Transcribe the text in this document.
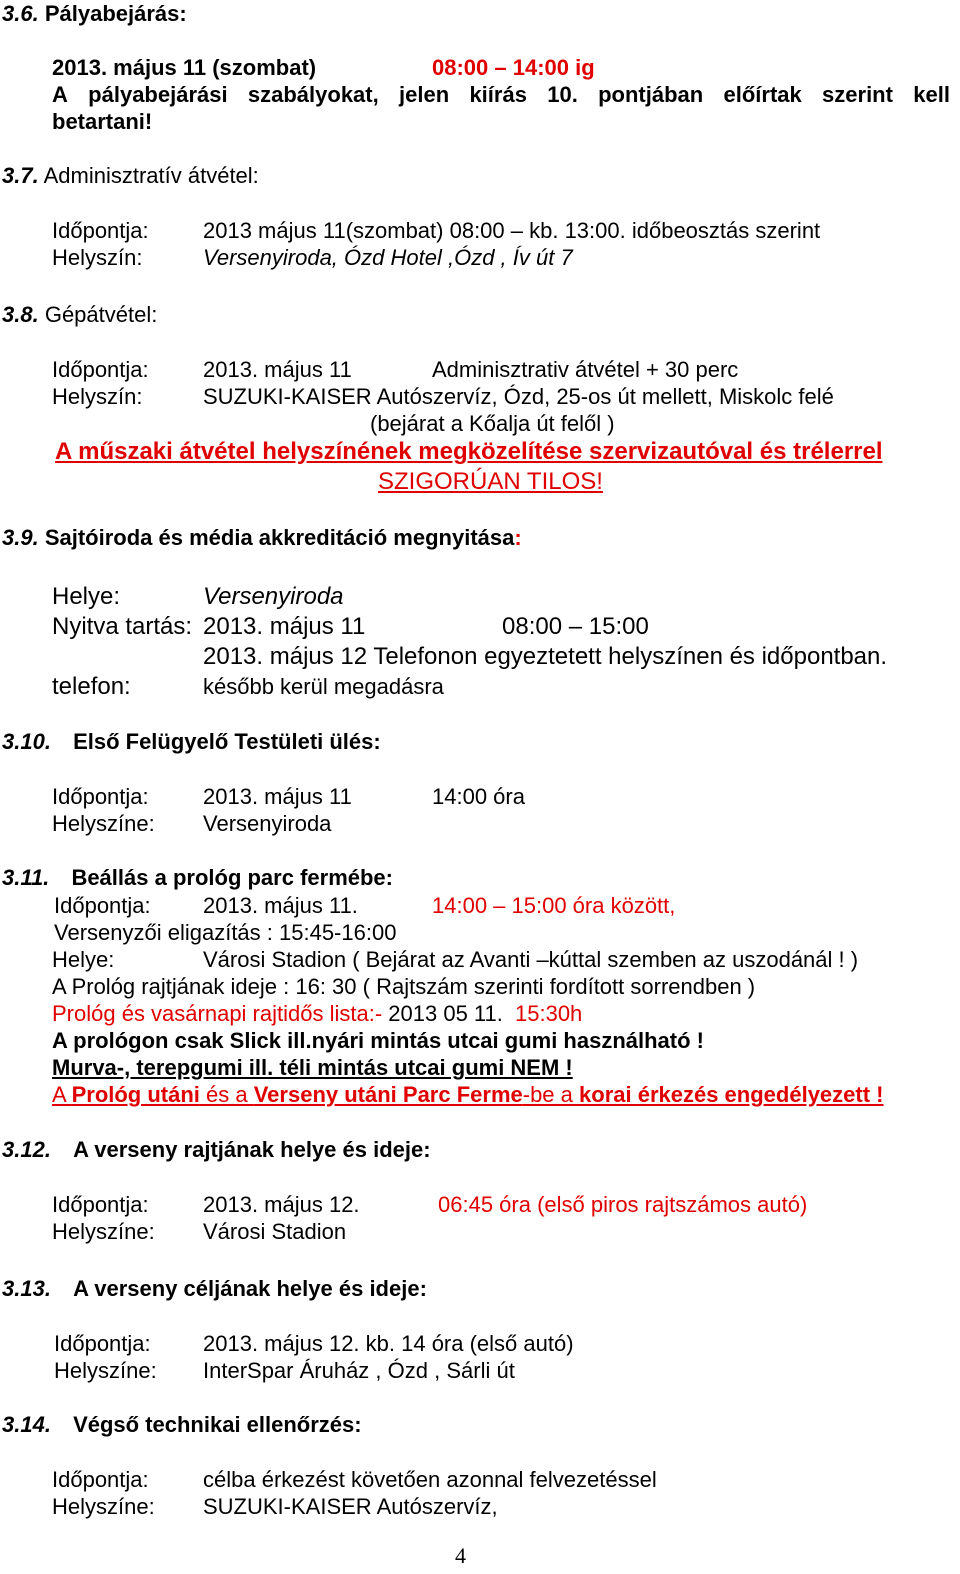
3.6. Pályabejárás:
2013. május 11 (szombat)	08:00 – 14:00 ig
A pályabejárási szabályokat, jelen kiírás 10. pontjában előírtak szerint kell
betartani!
3.7. Adminisztratív átvétel:
Időpontja: 2013 május 11(szombat) 08:00 – kb. 13:00. időbeosztás szerint
Helyszín:	Versenyiroda, Ózd Hotel ,Ózd , Ív út 7
3.8. Gépátvétel:
Időpontja: 2013. május 11	Adminisztrativ átvétel + 30 perc
Helyszín:	SUZUKI-KAISER Autószervíz, Ózd, 25-os út mellett, Miskolc felé
(bejárat a Kőalja út felől )
A műszaki átvétel helyszínének megközelítése szervizautóval és trélerrel
SZIGORÚAN TILOS!
3.9. Sajtóiroda és média akkreditáció megnyitása:
Helye:	Versenyiroda
Nyitva tartás: 2013. május 11	08:00 – 15:00
2013. május 12 Telefonon egyeztetett helyszínen és időpontban.
telefon:	később kerül megadásra
3.10. Első Felügyelő Testületi ülés:
Időpontja: 2013. május 11	14:00 óra
Helyszíne: Versenyiroda
3.11. Beállás a prológ parc fermébe:
Időpontja: 2013. május 11.	14:00 – 15:00 óra között,
Versenyzői eligazítás : 15:45-16:00
Helye:	Városi Stadion ( Bejárat az Avanti –kúttal szemben az uszodánál ! )
A Prológ rajtjának ideje : 16: 30 ( Rajtszám szerinti fordított sorrendben )
Prológ és vasárnapi rajtidős lista:- 2013 05 11. 15:30h
A prológon csak Slick ill.nyári mintás utcai gumi használható !
Murva-, terepgumi ill. téli mintás utcai gumi NEM !
A Prológ utáni és a Verseny utáni Parc Ferme-be a korai érkezés engedélyezett !
3.12. A verseny rajtjának helye és ideje:
Időpontja: 2013. május 12.	06:45 óra (első piros rajtszámos autó)
Helyszíne: Városi Stadion
3.13. A verseny céljának helye és ideje:
Időpontja: 2013. május 12. kb. 14 óra (első autó)
Helyszíne: InterSpar Áruház , Ózd , Sárli út
3.14. Végső technikai ellenőrzés:
Időpontja: célba érkezést követően azonnal felvezetéssel
Helyszíne: SUZUKI-KAISER Autószervíz,
4
